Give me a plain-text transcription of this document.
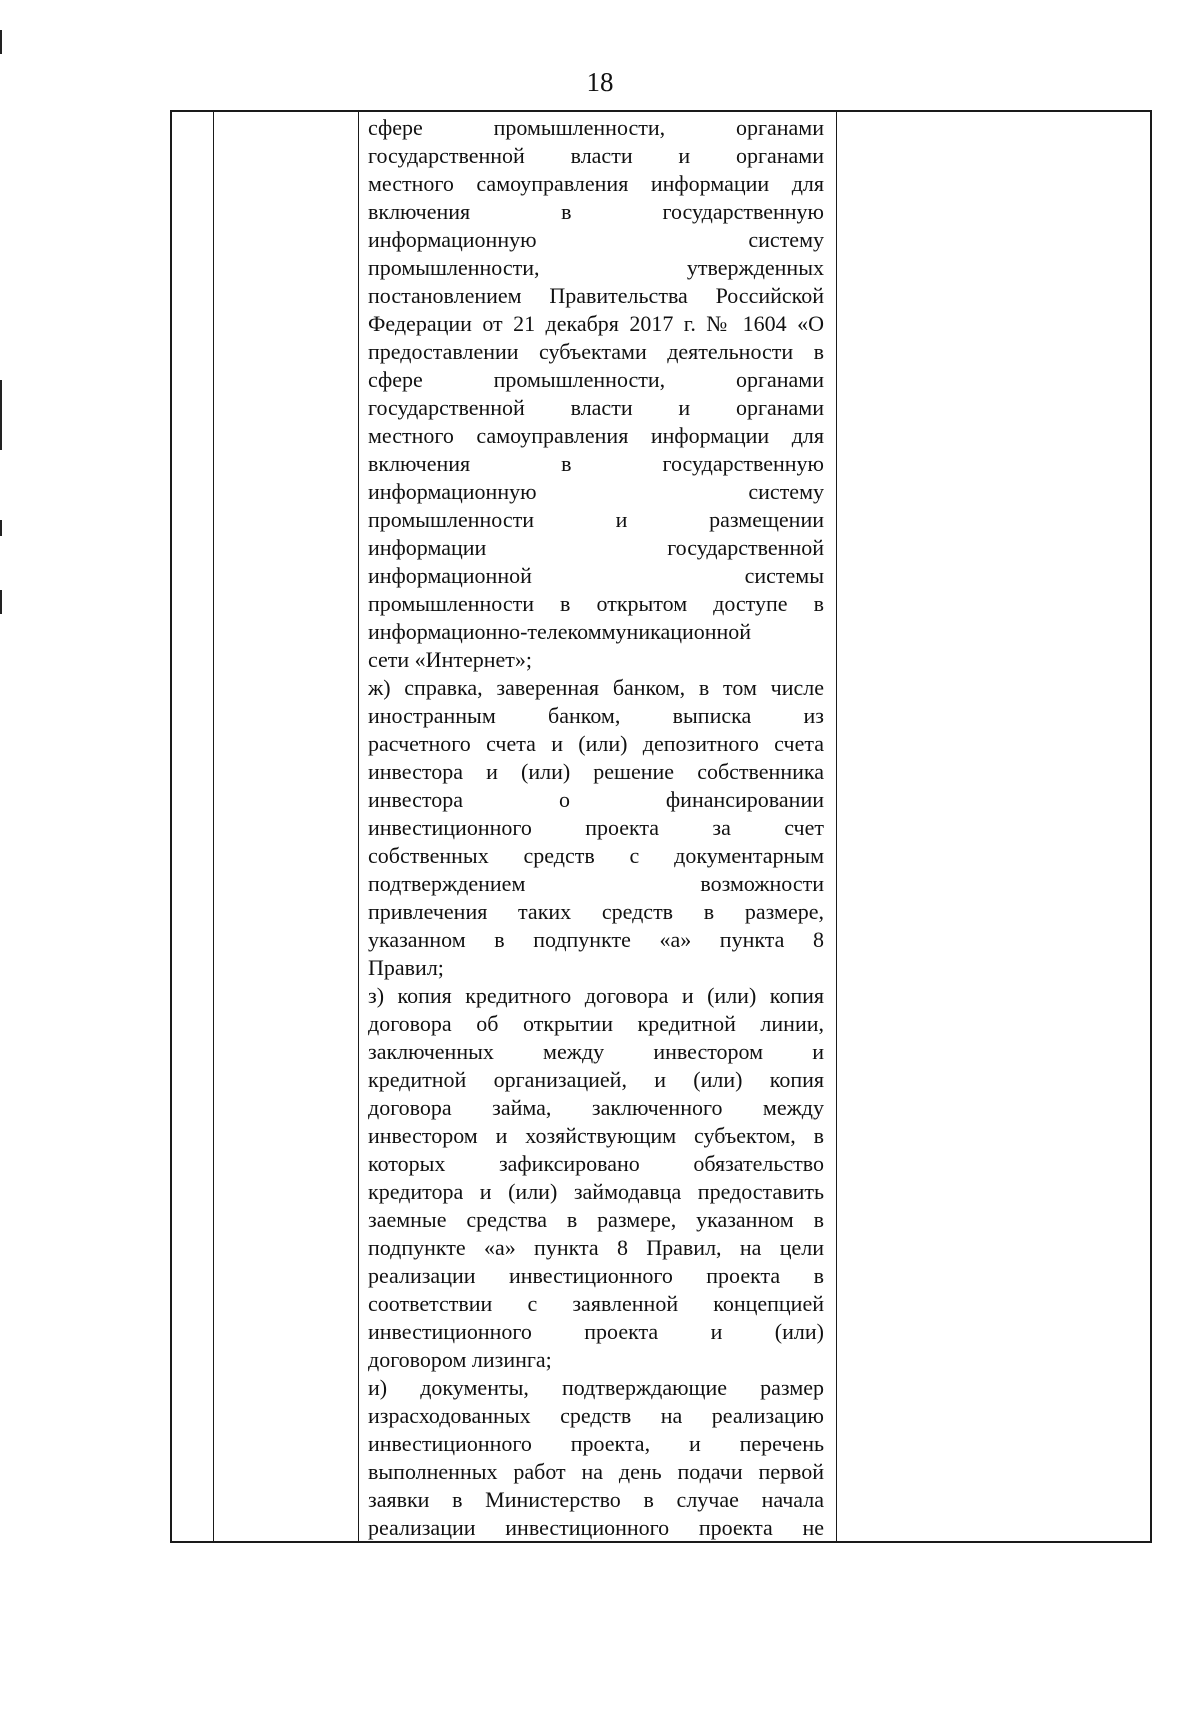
18
сфере промышленности, органами
государственной власти и органами
местного самоуправления информации для
включения в государственную
информационную систему
промышленности, утвержденных
постановлением Правительства Российской
Федерации от 21 декабря 2017 г. № 1604 «О
предоставлении субъектами деятельности в
сфере промышленности, органами
государственной власти и органами
местного самоуправления информации для
включения в государственную
информационную систему
промышленности и размещении
информации государственной
информационной системы
промышленности в открытом доступе в
информационно-телекоммуникационной
сети «Интернет»;
ж) справка, заверенная банком, в том числе
иностранным банком, выписка из
расчетного счета и (или) депозитного счета
инвестора и (или) решение собственника
инвестора о финансировании
инвестиционного проекта за счет
собственных средств с документарным
подтверждением возможности
привлечения таких средств в размере,
указанном в подпункте «а» пункта 8
Правил;
з) копия кредитного договора и (или) копия
договора об открытии кредитной линии,
заключенных между инвестором и
кредитной организацией, и (или) копия
договора займа, заключенного между
инвестором и хозяйствующим субъектом, в
которых зафиксировано обязательство
кредитора и (или) займодавца предоставить
заемные средства в размере, указанном в
подпункте «а» пункта 8 Правил, на цели
реализации инвестиционного проекта в
соответствии с заявленной концепцией
инвестиционного проекта и (или)
договором лизинга;
и) документы, подтверждающие размер
израсходованных средств на реализацию
инвестиционного проекта, и перечень
выполненных работ на день подачи первой
заявки в Министерство в случае начала
реализации инвестиционного проекта не
